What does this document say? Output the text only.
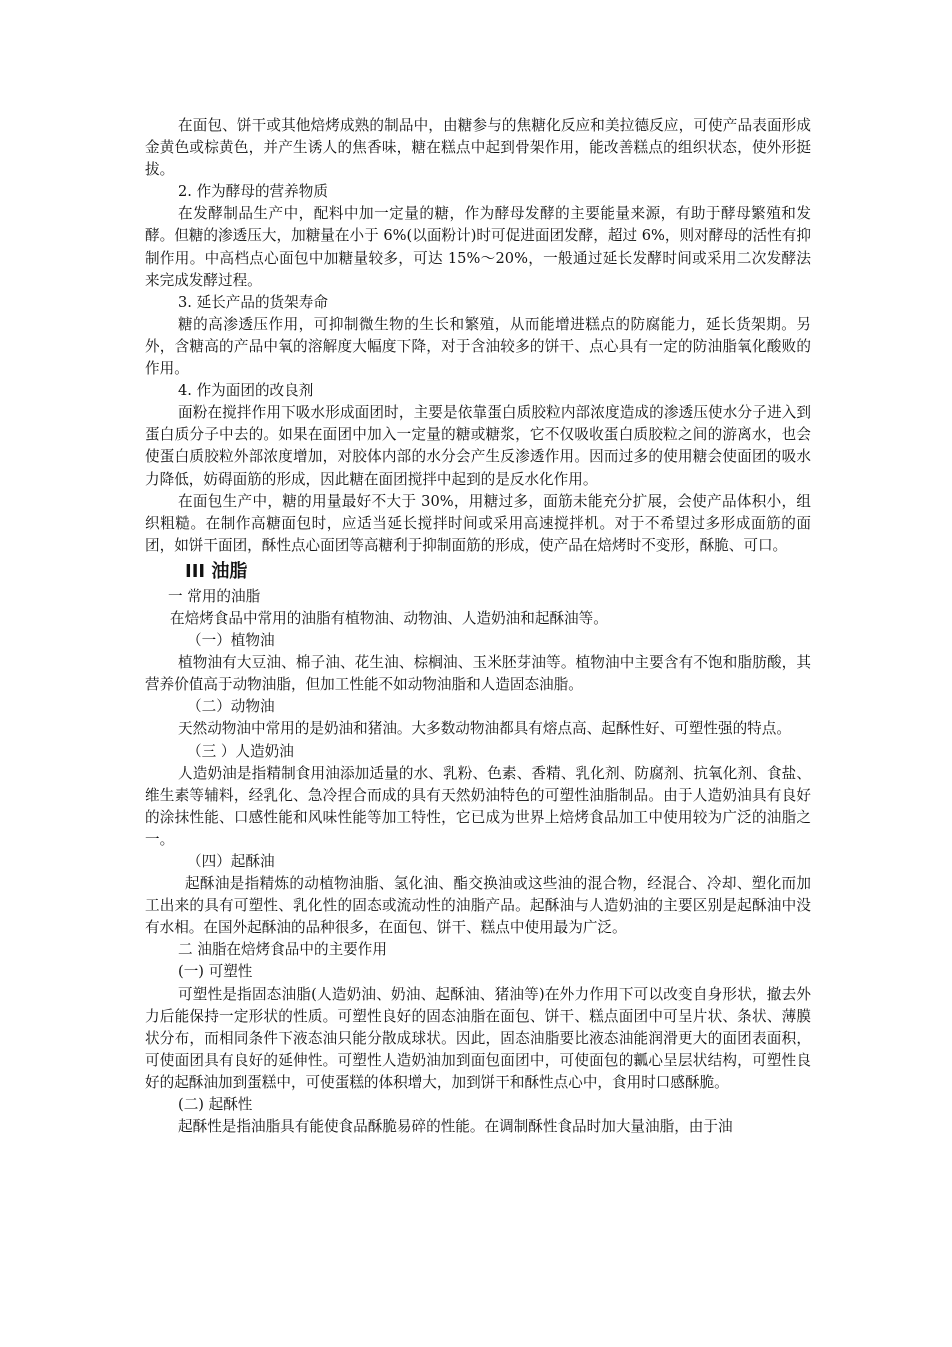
在面包、饼干或其他焙烤成熟的制品中，由糖参与的焦糖化反应和美拉德反应，可使产品表面形成金黄色或棕黄色，并产生诱人的焦香味，糖在糕点中起到骨架作用，能改善糕点的组织状态，使外形挺拔。

2. 作为酵母的营养物质

在发酵制品生产中，配料中加一定量的糖，作为酵母发酵的主要能量来源，有助于酵母繁殖和发酵。但糖的渗透压大，加糖量在小于 6%(以面粉计)时可促进面团发酵，超过 6%，则对酵母的活性有抑制作用。中高档点心面包中加糖量较多，可达 15%～20%，一般通过延长发酵时间或采用二次发酵法来完成发酵过程。

3. 延长产品的货架寿命

糖的高渗透压作用，可抑制微生物的生长和繁殖，从而能增进糕点的防腐能力，延长货架期。另外，含糖高的产品中氧的溶解度大幅度下降，对于含油较多的饼干、点心具有一定的防油脂氧化酸败的作用。

4. 作为面团的改良剂

面粉在搅拌作用下吸水形成面团时，主要是依靠蛋白质胶粒内部浓度造成的渗透压使水分子进入到蛋白质分子中去的。如果在面团中加入一定量的糖或糖浆，它不仅吸收蛋白质胶粒之间的游离水，也会使蛋白质胶粒外部浓度增加，对胶体内部的水分会产生反渗透作用。因而过多的使用糖会使面团的吸水力降低，妨碍面筋的形成，因此糖在面团搅拌中起到的是反水化作用。

在面包生产中，糖的用量最好不大于 30%，用糖过多，面筋未能充分扩展，会使产品体积小，组织粗糙。在制作高糖面包时，应适当延长搅拌时间或采用高速搅拌机。对于不希望过多形成面筋的面团，如饼干面团，酥性点心面团等高糖利于抑制面筋的形成，使产品在焙烤时不变形，酥脆、可口。

III 油脂

一 常用的油脂

在焙烤食品中常用的油脂有植物油、动物油、人造奶油和起酥油等。

（一）植物油

植物油有大豆油、棉子油、花生油、棕榈油、玉米胚芽油等。植物油中主要含有不饱和脂肪酸，其营养价值高于动物油脂，但加工性能不如动物油脂和人造固态油脂。

（二）动物油

天然动物油中常用的是奶油和猪油。大多数动物油都具有熔点高、起酥性好、可塑性强的特点。

（三 ）人造奶油

人造奶油是指精制食用油添加适量的水、乳粉、色素、香精、乳化剂、防腐剂、抗氧化剂、食盐、维生素等辅料，经乳化、急冷捏合而成的具有天然奶油特色的可塑性油脂制品。由于人造奶油具有良好的涂抹性能、口感性能和风味性能等加工特性，它已成为世界上焙烤食品加工中使用较为广泛的油脂之一。

（四）起酥油

起酥油是指精炼的动植物油脂、氢化油、酯交换油或这些油的混合物，经混合、冷却、塑化而加工出来的具有可塑性、乳化性的固态或流动性的油脂产品。起酥油与人造奶油的主要区别是起酥油中没有水相。在国外起酥油的品种很多，在面包、饼干、糕点中使用最为广泛。

二 油脂在焙烤食品中的主要作用

(一) 可塑性

可塑性是指固态油脂(人造奶油、奶油、起酥油、猪油等)在外力作用下可以改变自身形状，撤去外力后能保持一定形状的性质。可塑性良好的固态油脂在面包、饼干、糕点面团中可呈片状、条状、薄膜状分布，而相同条件下液态油只能分散成球状。因此，固态油脂要比液态油能润滑更大的面团表面积，可使面团具有良好的延伸性。可塑性人造奶油加到面包面团中，可使面包的瓤心呈层状结构，可塑性良好的起酥油加到蛋糕中，可使蛋糕的体积增大，加到饼干和酥性点心中，食用时口感酥脆。

(二) 起酥性

起酥性是指油脂具有能使食品酥脆易碎的性能。在调制酥性食品时加大量油脂，由于油
